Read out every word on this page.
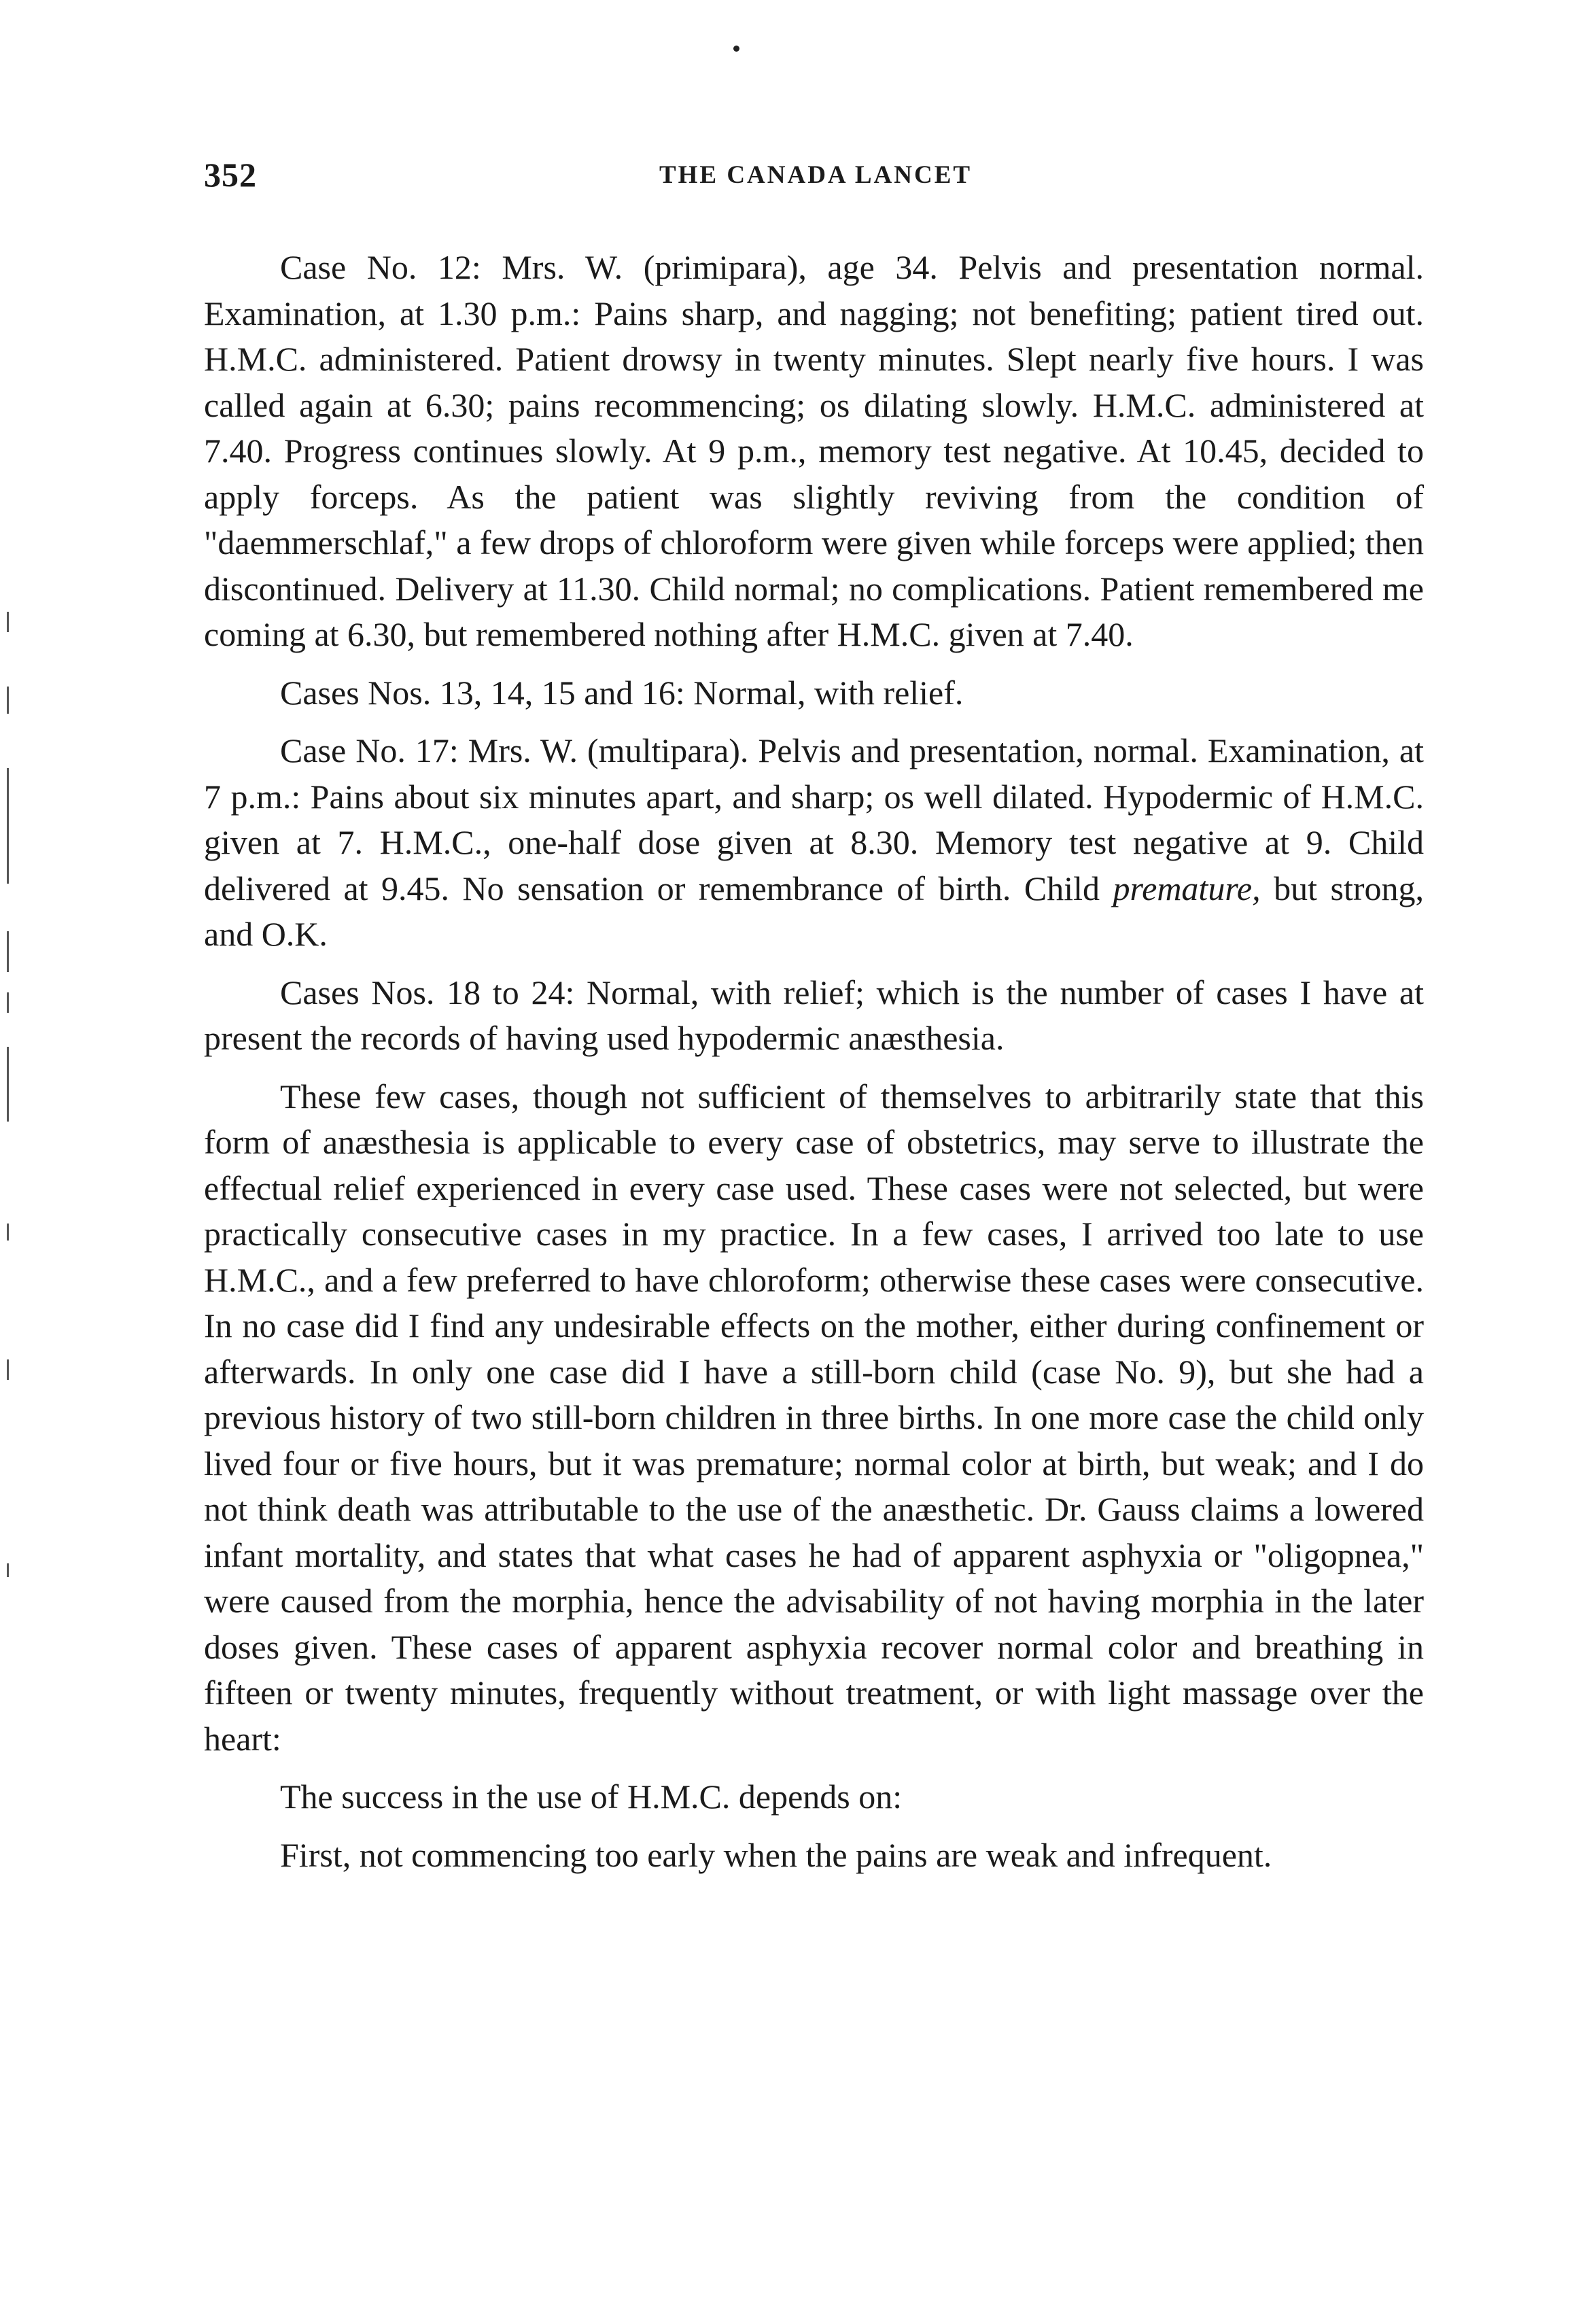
352	THE CANADA LANCET

Case No. 12: Mrs. W. (primipara), age 34. Pelvis and presentation normal. Examination, at 1.30 p.m.: Pains sharp, and nagging; not benefiting; patient tired out. H.M.C. administered. Patient drowsy in twenty minutes. Slept nearly five hours. I was called again at 6.30; pains recommencing; os dilating slowly. H.M.C. administered at 7.40. Progress continues slowly. At 9 p.m., memory test negative. At 10.45, decided to apply forceps. As the patient was slightly reviving from the condition of "daemmerschlaf," a few drops of chloroform were given while forceps were applied; then discontinued. Delivery at 11.30. Child normal; no complications. Patient remembered me coming at 6.30, but remembered nothing after H.M.C. given at 7.40.

Cases Nos. 13, 14, 15 and 16: Normal, with relief.

Case No. 17: Mrs. W. (multipara). Pelvis and presentation, normal. Examination, at 7 p.m.: Pains about six minutes apart, and sharp; os well dilated. Hypodermic of H.M.C. given at 7. H.M.C., one-half dose given at 8.30. Memory test negative at 9. Child delivered at 9.45. No sensation or remembrance of birth. Child premature, but strong, and O.K.

Cases Nos. 18 to 24: Normal, with relief; which is the number of cases I have at present the records of having used hypodermic anæsthesia.

These few cases, though not sufficient of themselves to arbitrarily state that this form of anæsthesia is applicable to every case of obstetrics, may serve to illustrate the effectual relief experienced in every case used. These cases were not selected, but were practically consecutive cases in my practice. In a few cases, I arrived too late to use H.M.C., and a few preferred to have chloroform; otherwise these cases were consecutive. In no case did I find any undesirable effects on the mother, either during confinement or afterwards. In only one case did I have a still-born child (case No. 9), but she had a previous history of two still-born children in three births. In one more case the child only lived four or five hours, but it was premature; normal color at birth, but weak; and I do not think death was attributable to the use of the anæsthetic. Dr. Gauss claims a lowered infant mortality, and states that what cases he had of apparent asphyxia or "oligopnea," were caused from the morphia, hence the advisability of not having morphia in the later doses given. These cases of apparent asphyxia recover normal color and breathing in fifteen or twenty minutes, frequently without treatment, or with light massage over the heart:

The success in the use of H.M.C. depends on:

First, not commencing too early when the pains are weak and infrequent.
